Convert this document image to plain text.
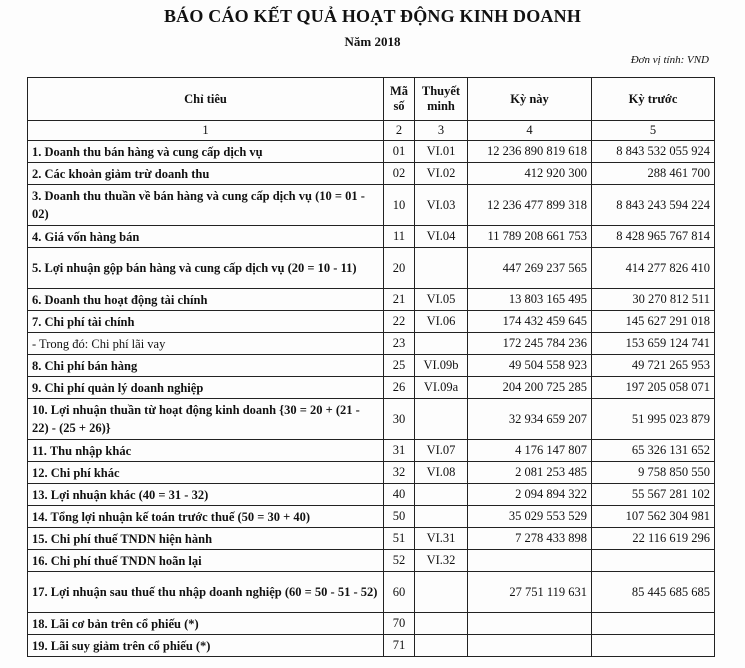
BÁO CÁO KẾT QUẢ HOẠT ĐỘNG KINH DOANH
Năm 2018
Đơn vị tính: VND
Chỉ tiêu	Mã số	Thuyết minh	Kỳ này	Kỳ trước
1	2	3	4	5
1. Doanh thu bán hàng và cung cấp dịch vụ	01	VI.01	12 236 890 819 618	8 843 532 055 924
2. Các khoản giảm trừ doanh thu	02	VI.02	412 920 300	288 461 700
3. Doanh thu thuần về bán hàng và cung cấp dịch vụ (10 = 01 - 02)	10	VI.03	12 236 477 899 318	8 843 243 594 224
4. Giá vốn hàng bán	11	VI.04	11 789 208 661 753	8 428 965 767 814
5. Lợi nhuận gộp bán hàng và cung cấp dịch vụ (20 = 10 - 11)	20		447 269 237 565	414 277 826 410
6. Doanh thu hoạt động tài chính	21	VI.05	13 803 165 495	30 270 812 511
7. Chi phí tài chính	22	VI.06	174 432 459 645	145 627 291 018
- Trong đó: Chi phí lãi vay	23		172 245 784 236	153 659 124 741
8. Chi phí bán hàng	25	VI.09b	49 504 558 923	49 721 265 953
9. Chi phí quản lý doanh nghiệp	26	VI.09a	204 200 725 285	197 205 058 071
10. Lợi nhuận thuần từ hoạt động kinh doanh {30 = 20 + (21 - 22) - (25 + 26)}	30		32 934 659 207	51 995 023 879
11. Thu nhập khác	31	VI.07	4 176 147 807	65 326 131 652
12. Chi phí khác	32	VI.08	2 081 253 485	9 758 850 550
13. Lợi nhuận khác (40 = 31 - 32)	40		2 094 894 322	55 567 281 102
14. Tổng lợi nhuận kế toán trước thuế (50 = 30 + 40)	50		35 029 553 529	107 562 304 981
15. Chi phí thuế TNDN hiện hành	51	VI.31	7 278 433 898	22 116 619 296
16. Chi phí thuế TNDN hoãn lại	52	VI.32		
17. Lợi nhuận sau thuế thu nhập doanh nghiệp (60 = 50 - 51 - 52)	60		27 751 119 631	85 445 685 685
18. Lãi cơ bản trên cổ phiếu (*)	70			
19. Lãi suy giảm trên cổ phiếu (*)	71			
